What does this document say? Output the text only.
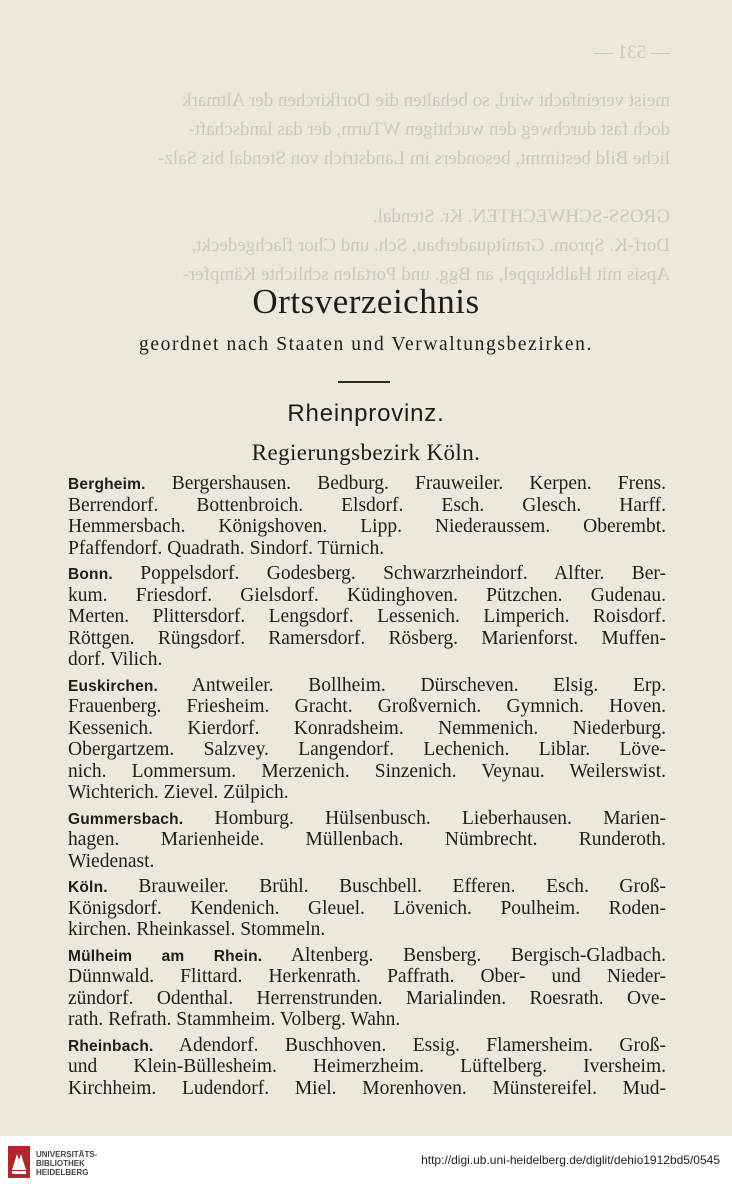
— 531 —
meist vereinfacht wird, so behalten die Dorfkirchen der Altmark
doch fast durchweg den wuchtigen WTurm, der das landschaft-
liche Bild bestimmt, besonders im Landstrich von Stendal bis Salz-
GROSS-SCHWECHTEN. Kr. Stendal.
Dorf-K. Sprom. Granitquaderbau, Sch. und Chor flachgedeckt,
Apsis mit Halbkuppel, an Bgg. und Portalen schlichte Kämpfer-
Ortsverzeichnis
geordnet nach Staaten und Verwaltungsbezirken.
Rheinprovinz.
Regierungsbezirk Köln.
Bergheim. Bergershausen. Bedburg. Frauweiler. Kerpen. Frens.
Berrendorf. Bottenbroich. Elsdorf. Esch. Glesch. Harff.
Hemmersbach. Königshoven. Lipp. Niederaussem. Oberembt.
Pfaffendorf. Quadrath. Sindorf. Türnich.
Bonn. Poppelsdorf. Godesberg. Schwarzrheindorf. Alfter. Ber-
kum. Friesdorf. Gielsdorf. Küdinghoven. Pützchen. Gudenau.
Merten. Plittersdorf. Lengsdorf. Lessenich. Limperich. Roisdorf.
Röttgen. Rüngsdorf. Ramersdorf. Rösberg. Marienforst. Muffen-
dorf. Vilich.
Euskirchen. Antweiler. Bollheim. Dürscheven. Elsig. Erp.
Frauenberg. Friesheim. Gracht. Großvernich. Gymnich. Hoven.
Kessenich. Kierdorf. Konradsheim. Nemmenich. Niederburg.
Obergartzem. Salzvey. Langendorf. Lechenich. Liblar. Löve-
nich. Lommersum. Merzenich. Sinzenich. Veynau. Weilerswist.
Wichterich. Zievel. Zülpich.
Gummersbach. Homburg. Hülsenbusch. Lieberhausen. Marien-
hagen. Marienheide. Müllenbach. Nümbrecht. Runderoth.
Wiedenast.
Köln. Brauweiler. Brühl. Buschbell. Efferen. Esch. Groß-
Königsdorf. Kendenich. Gleuel. Lövenich. Poulheim. Roden-
kirchen. Rheinkassel. Stommeln.
Mülheim am Rhein. Altenberg. Bensberg. Bergisch-Gladbach.
Dünnwald. Flittard. Herkenrath. Paffrath. Ober- und Nieder-
zündorf. Odenthal. Herrenstrunden. Marialinden. Roesrath. Ove-
rath. Refrath. Stammheim. Volberg. Wahn.
Rheinbach. Adendorf. Buschhoven. Essig. Flamersheim. Groß-
und Klein-Büllesheim. Heimerzheim. Lüftelberg. Iversheim.
Kirchheim. Ludendorf. Miel. Morenhoven. Münstereifel. Mud-
UNIVERSITÄTS-
BIBLIOTHEK
HEIDELBERG
http://digi.ub.uni-heidelberg.de/diglit/dehio1912bd5/0545
